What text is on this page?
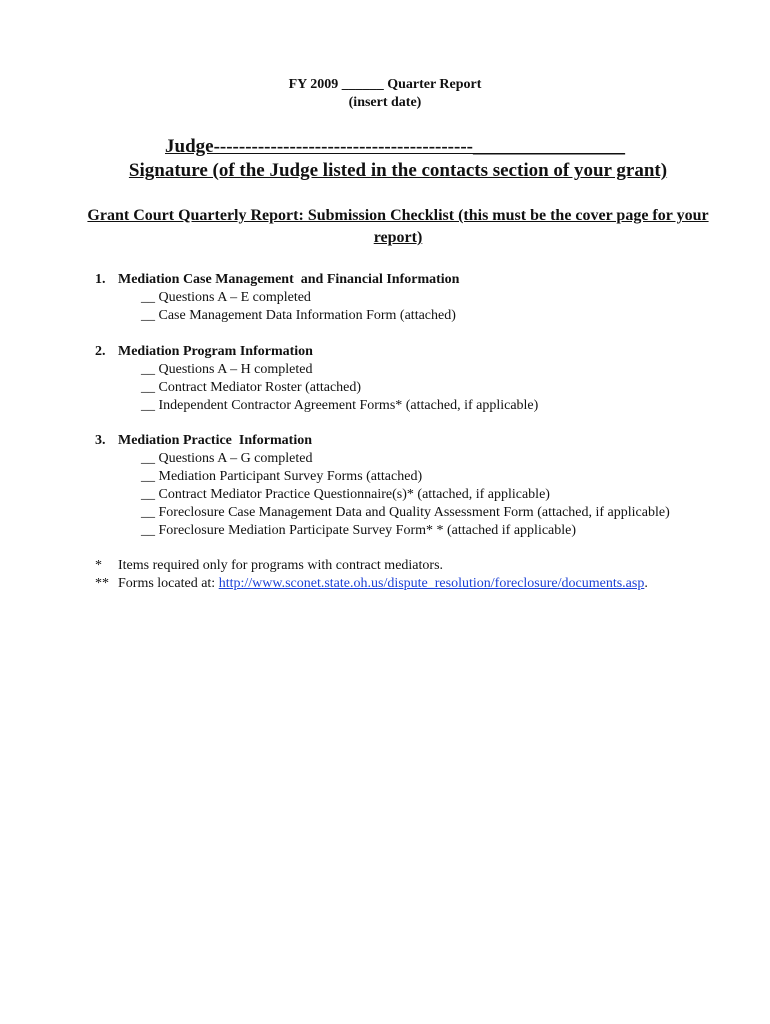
FY 2009 ______ Quarter Report
(insert date)
Judge-----------------------------------------________________
Signature (of the Judge listed in the contacts section of your grant)
Grant Court Quarterly Report: Submission Checklist (this must be the cover page for your report)
1. Mediation Case Management  and Financial Information
__ Questions A – E completed
__ Case Management Data Information Form (attached)
2. Mediation Program Information
__ Questions A – H completed
__ Contract Mediator Roster (attached)
__ Independent Contractor Agreement Forms* (attached, if applicable)
3. Mediation Practice  Information
__ Questions A – G completed
__ Mediation Participant Survey Forms (attached)
__ Contract Mediator Practice Questionnaire(s)* (attached, if applicable)
__ Foreclosure Case Management Data and Quality Assessment Form (attached, if applicable)
__ Foreclosure Mediation Participate Survey Form* * (attached if applicable)
* Items required only for programs with contract mediators.
** Forms located at: http://www.sconet.state.oh.us/dispute_resolution/foreclosure/documents.asp.
